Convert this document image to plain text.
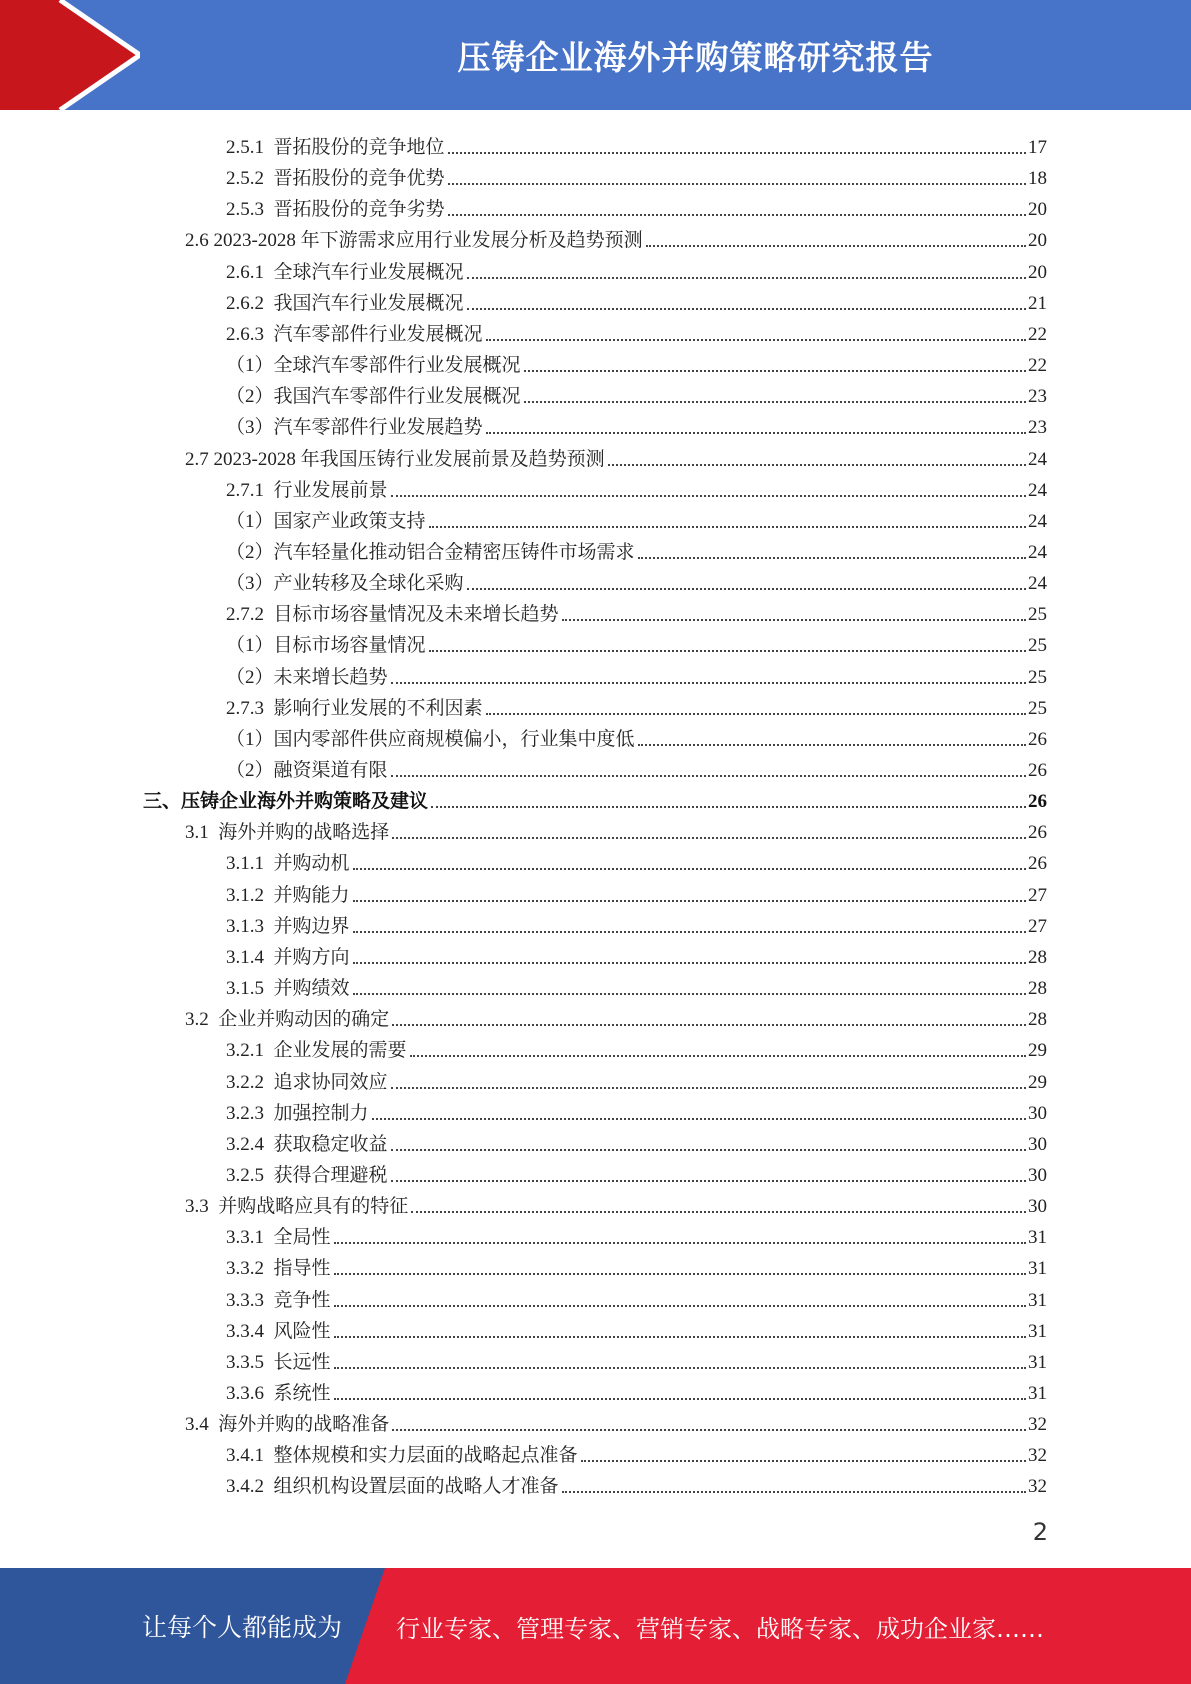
压铸企业海外并购策略研究报告
2.5.1  晋拓股份的竞争地位	17
2.5.2  晋拓股份的竞争优势	18
2.5.3  晋拓股份的竞争劣势	20
2.6 2023-2028 年下游需求应用行业发展分析及趋势预测	20
2.6.1  全球汽车行业发展概况	20
2.6.2  我国汽车行业发展概况	21
2.6.3  汽车零部件行业发展概况	22
（1）全球汽车零部件行业发展概况	22
（2）我国汽车零部件行业发展概况	23
（3）汽车零部件行业发展趋势	23
2.7 2023-2028 年我国压铸行业发展前景及趋势预测	24
2.7.1  行业发展前景	24
（1）国家产业政策支持	24
（2）汽车轻量化推动铝合金精密压铸件市场需求	24
（3）产业转移及全球化采购	24
2.7.2  目标市场容量情况及未来增长趋势	25
（1）目标市场容量情况	25
（2）未来增长趋势	25
2.7.3  影响行业发展的不利因素	25
（1）国内零部件供应商规模偏小，行业集中度低	26
（2）融资渠道有限	26
三、压铸企业海外并购策略及建议	26
3.1  海外并购的战略选择	26
3.1.1  并购动机	26
3.1.2  并购能力	27
3.1.3  并购边界	27
3.1.4  并购方向	28
3.1.5  并购绩效	28
3.2  企业并购动因的确定	28
3.2.1  企业发展的需要	29
3.2.2  追求协同效应	29
3.2.3  加强控制力	30
3.2.4  获取稳定收益	30
3.2.5  获得合理避税	30
3.3  并购战略应具有的特征	30
3.3.1  全局性	31
3.3.2  指导性	31
3.3.3  竞争性	31
3.3.4  风险性	31
3.3.5  长远性	31
3.3.6  系统性	31
3.4  海外并购的战略准备	32
3.4.1  整体规模和实力层面的战略起点准备	32
3.4.2  组织机构设置层面的战略人才准备	32
2
让每个人都能成为 行业专家、管理专家、营销专家、战略专家、成功企业家……
